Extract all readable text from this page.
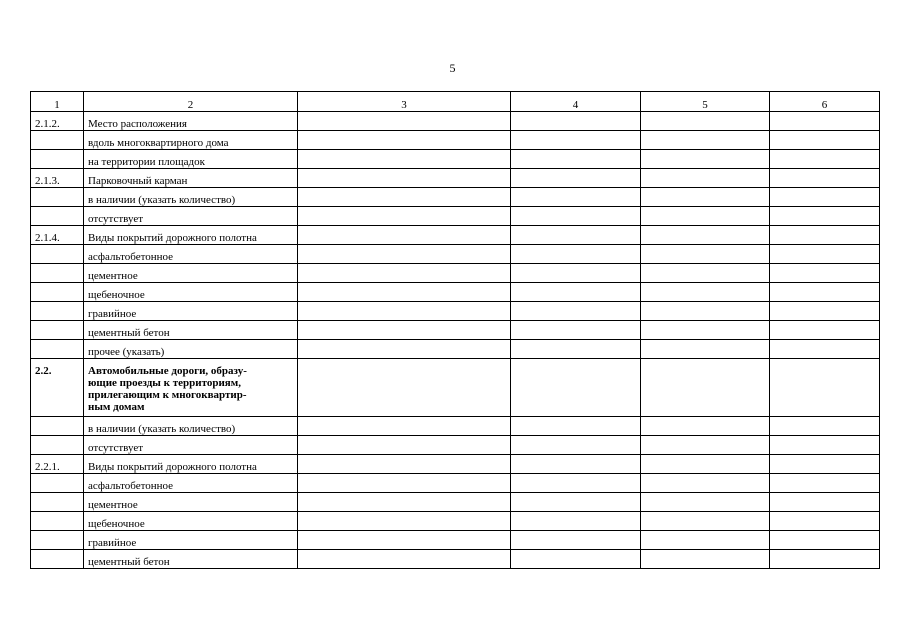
5
1	2	3	4	5	6
2.1.2.	Место расположения				
	вдоль многоквартирного дома				
	на территории площадок				
2.1.3.	Парковочный карман				
	в наличии (указать количество)				
	отсутствует				
2.1.4.	Виды покрытий дорожного полотна				
	асфальтобетонное				
	цементное				
	щебеночное				
	гравийное				
	цементный бетон				
	прочее (указать)				
2.2.	Автомобильные дороги, образу-
ющие проезды к территориям,
прилегающим к многоквартир-
ным домам				

	в наличии (указать количество)				
	отсутствует				
2.2.1.	Виды покрытий дорожного полотна				
	асфальтобетонное				
	цементное				
	щебеночное				
	гравийное				
	цементный бетон				
